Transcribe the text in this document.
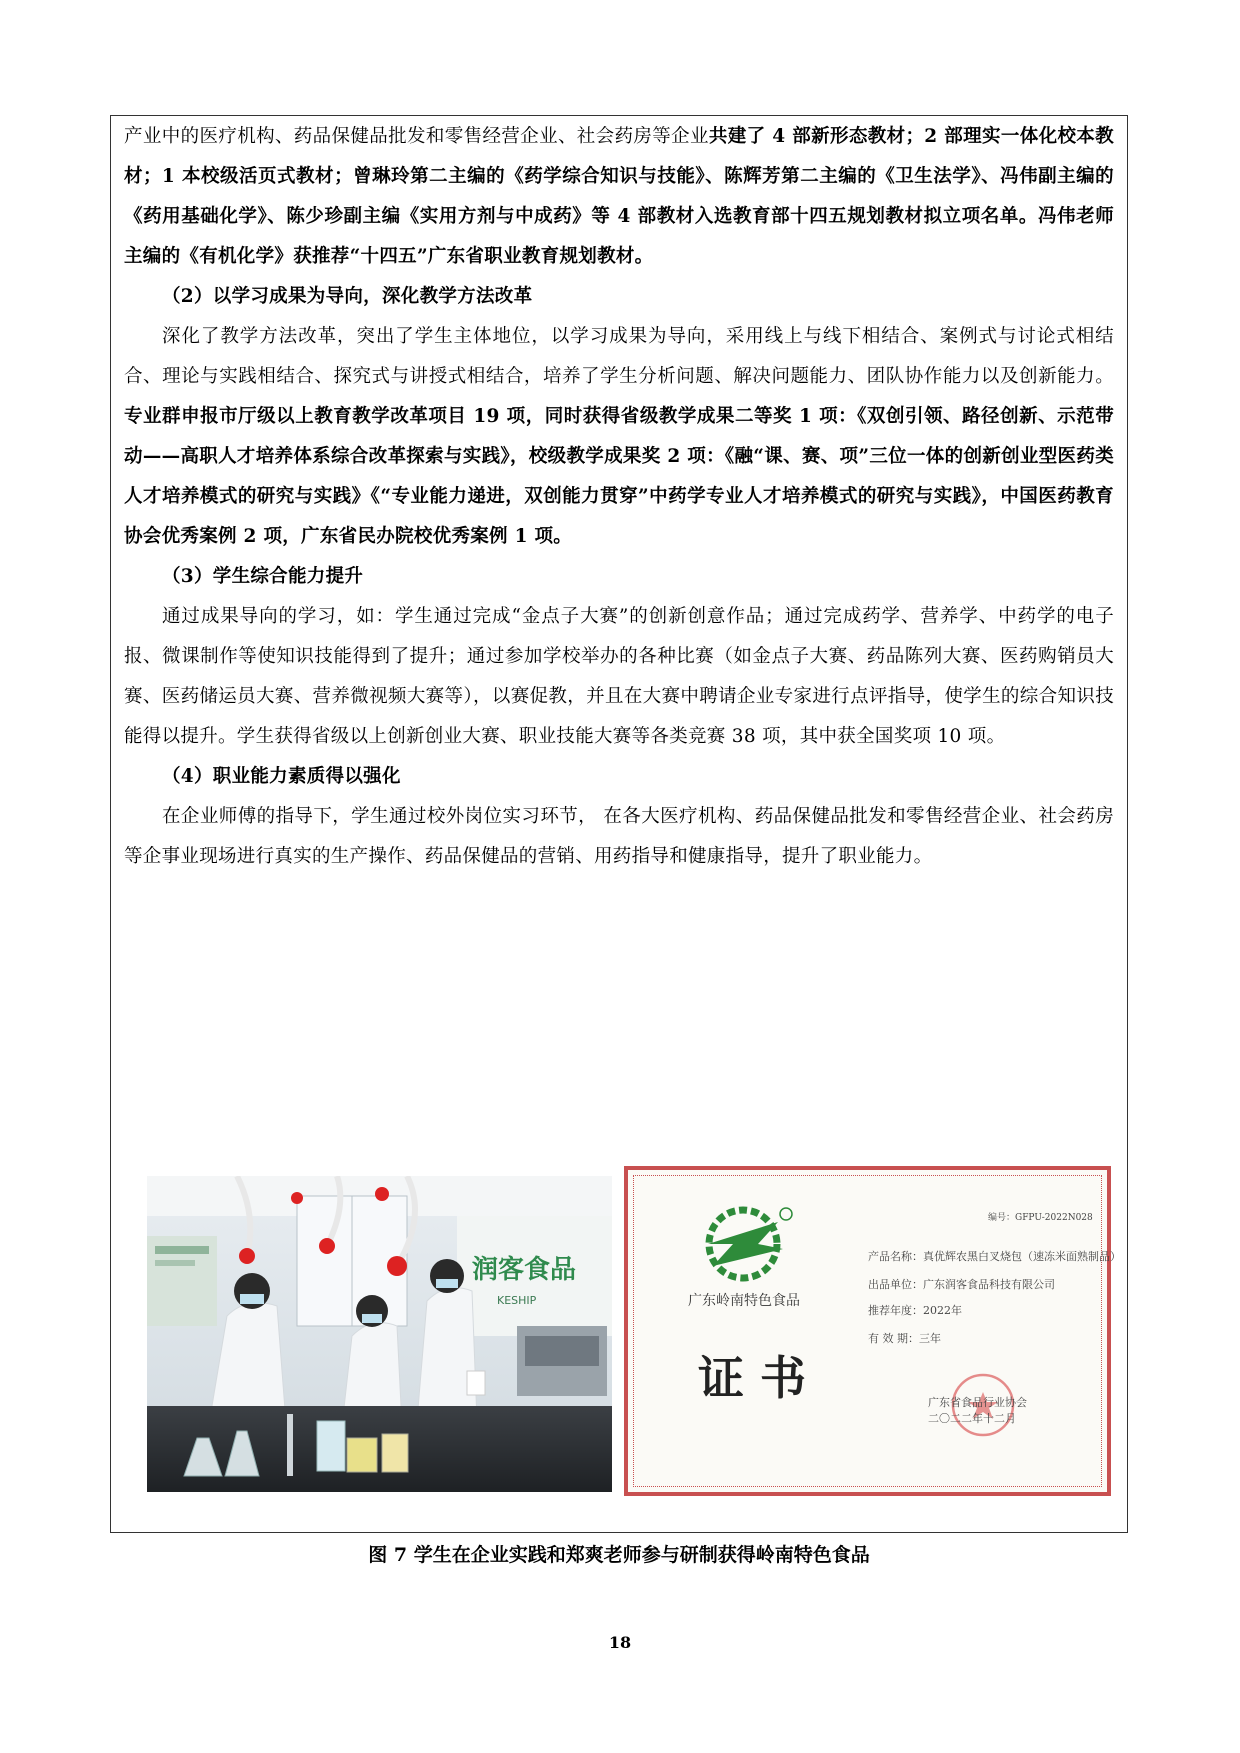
产业中的医疗机构、药品保健品批发和零售经营企业、社会药房等企业共建了 4 部新形态教材；2 部理实一体化校本教材；1 本校级活页式教材；曾琳玲第二主编的《药学综合知识与技能》、陈辉芳第二主编的《卫生法学》、冯伟副主编的《药用基础化学》、陈少珍副主编《实用方剂与中成药》等 4 部教材入选教育部十四五规划教材拟立项名单。冯伟老师主编的《有机化学》获推荐“十四五”广东省职业教育规划教材。

（2）以学习成果为导向，深化教学方法改革

深化了教学方法改革，突出了学生主体地位，以学习成果为导向，采用线上与线下相结合、案例式与讨论式相结合、理论与实践相结合、探究式与讲授式相结合，培养了学生分析问题、解决问题能力、团队协作能力以及创新能力。专业群申报市厅级以上教育教学改革项目 19 项，同时获得省级教学成果二等奖 1 项：《双创引领、路径创新、示范带动——高职人才培养体系综合改革探索与实践》，校级教学成果奖 2 项：《融“课、赛、项”三位一体的创新创业型医药类人才培养模式的研究与实践》《“专业能力递进，双创能力贯穿”中药学专业人才培养模式的研究与实践》，中国医药教育协会优秀案例 2 项，广东省民办院校优秀案例 1 项。

（3）学生综合能力提升

通过成果导向的学习，如：学生通过完成“金点子大赛”的创新创意作品；通过完成药学、营养学、中药学的电子报、微课制作等使知识技能得到了提升；通过参加学校举办的各种比赛（如金点子大赛、药品陈列大赛、医药购销员大赛、医药储运员大赛、营养微视频大赛等），以赛促教，并且在大赛中聘请企业专家进行点评指导，使学生的综合知识技能得以提升。学生获得省级以上创新创业大赛、职业技能大赛等各类竞赛 38 项，其中获全国奖项 10 项。

（4）职业能力素质得以强化

在企业师傅的指导下，学生通过校外岗位实习环节， 在各大医疗机构、药品保健品批发和零售经营企业、社会药房等企事业现场进行真实的生产操作、药品保健品的营销、用药指导和健康指导，提升了职业能力。

润客食品
KESHIP	广东岭南特色食品
编号：GFPU-2022N028
产品名称：真优辉农黑白叉烧包（速冻米面熟制品）
出品单位：广东润客食品科技有限公司
推荐年度：2022年
有 效 期：三年
证 书	广东省食品行业协会
二〇二二年十二月
图 7 学生在企业实践和郑爽老师参与研制获得岭南特色食品
18
